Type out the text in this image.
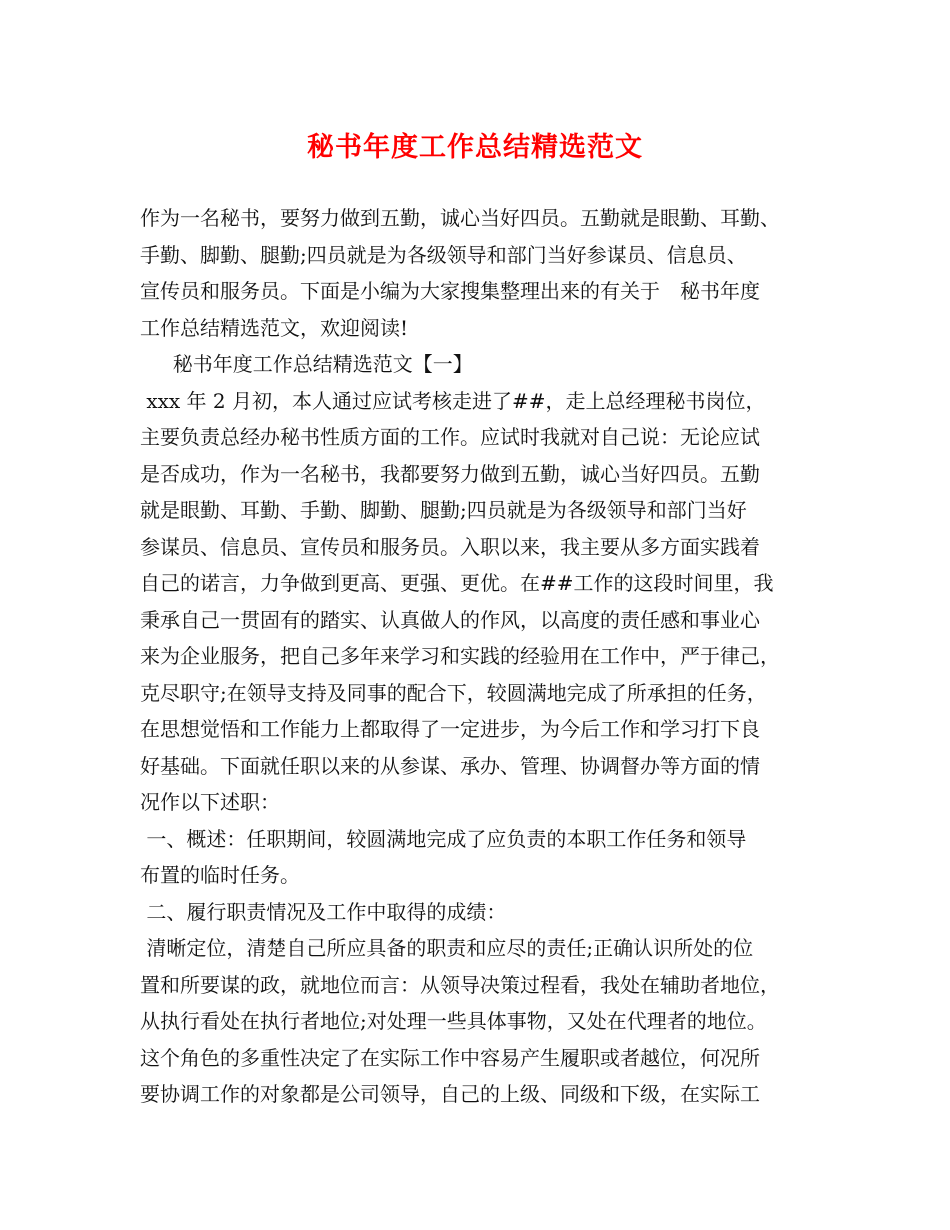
秘书年度工作总结精选范文
作为一名秘书，要努力做到五勤，诚心当好四员。五勤就是眼勤、耳勤、
手勤、脚勤、腿勤;四员就是为各级领导和部门当好参谋员、信息员、
宣传员和服务员。下面是小编为大家搜集整理出来的有关于　秘书年度
工作总结精选范文，欢迎阅读!
秘书年度工作总结精选范文【一】
xxx 年 2 月初，本人通过应试考核走进了##，走上总经理秘书岗位，
主要负责总经办秘书性质方面的工作。应试时我就对自己说：无论应试
是否成功，作为一名秘书，我都要努力做到五勤，诚心当好四员。五勤
就是眼勤、耳勤、手勤、脚勤、腿勤;四员就是为各级领导和部门当好
参谋员、信息员、宣传员和服务员。入职以来，我主要从多方面实践着
自己的诺言，力争做到更高、更强、更优。在##工作的这段时间里，我
秉承自己一贯固有的踏实、认真做人的作风，以高度的责任感和事业心
来为企业服务，把自己多年来学习和实践的经验用在工作中，严于律己，
克尽职守;在领导支持及同事的配合下，较圆满地完成了所承担的任务，
在思想觉悟和工作能力上都取得了一定进步，为今后工作和学习打下良
好基础。下面就任职以来的从参谋、承办、管理、协调督办等方面的情
况作以下述职：
一、概述：任职期间，较圆满地完成了应负责的本职工作任务和领导
布置的临时任务。
二、履行职责情况及工作中取得的成绩：
清晰定位，清楚自己所应具备的职责和应尽的责任;正确认识所处的位
置和所要谋的政，就地位而言：从领导决策过程看，我处在辅助者地位，
从执行看处在执行者地位;对处理一些具体事物，又处在代理者的地位。
这个角色的多重性决定了在实际工作中容易产生履职或者越位，何况所
要协调工作的对象都是公司领导，自己的上级、同级和下级，在实际工
